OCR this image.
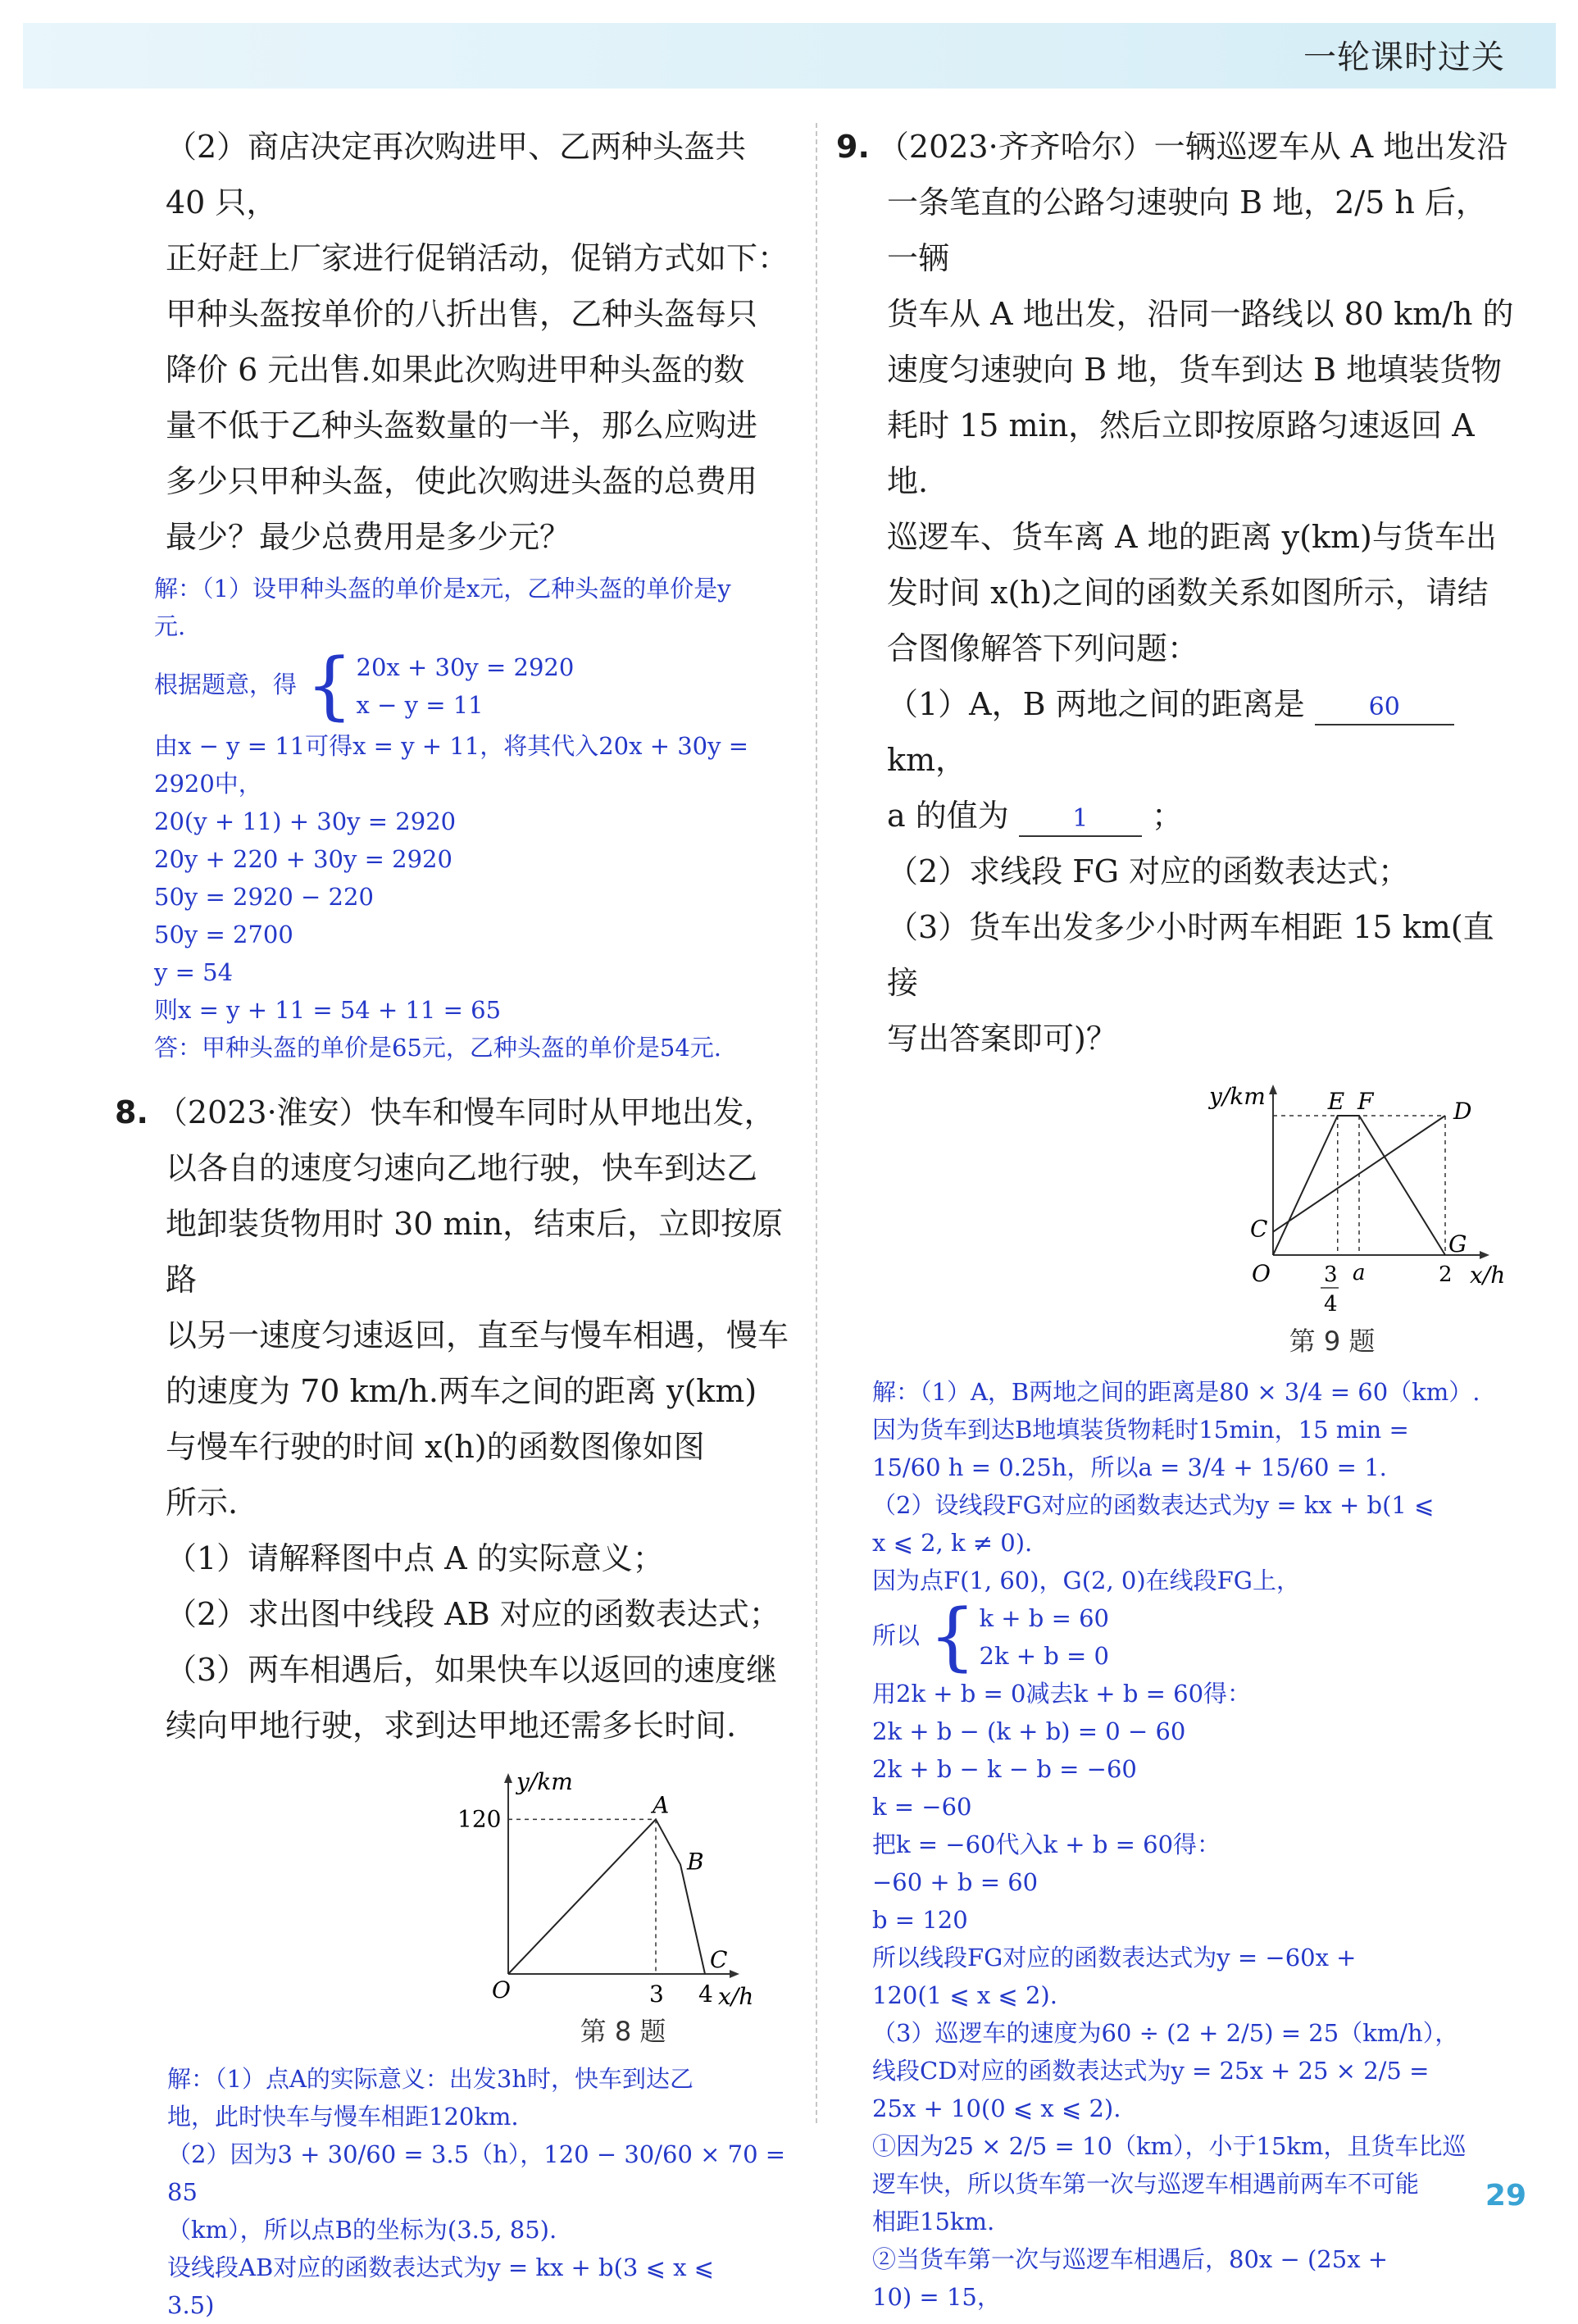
一轮课时过关

（2）商店决定再次购进甲、乙两种头盔共 40 只，

正好赶上厂家进行促销活动，促销方式如下：

甲种头盔按单价的八折出售，乙种头盔每只

降价 6 元出售.如果此次购进甲种头盔的数

量不低于乙种头盔数量的一半，那么应购进

多少只甲种头盔，使此次购进头盔的总费用

最少？最少总费用是多少元？

解：（1）设甲种头盔的单价是x元，乙种头盔的单价是y

元.

根据题意，得 { 20x + 30y = 2920
x − y = 11

由x − y = 11可得x = y + 11，将其代入20x + 30y =

2920中，

20(y + 11) + 30y = 2920

20y + 220 + 30y = 2920

50y = 2920 − 220

50y = 2700

y = 54

则x = y + 11 = 54 + 11 = 65

答：甲种头盔的单价是65元，乙种头盔的单价是54元.

8. （2023·淮安）快车和慢车同时从甲地出发，

以各自的速度匀速向乙地行驶，快车到达乙

地卸装货物用时 30 min，结束后，立即按原路

以另一速度匀速返回，直至与慢车相遇，慢车

的速度为 70 km/h.两车之间的距离 y(km)

与慢车行驶的时间 x(h)的函数图像如图

所示.

（1）请解释图中点 A 的实际意义；

（2）求出图中线段 AB 对应的函数表达式；

（3）两车相遇后，如果快车以返回的速度继

续向甲地行驶，求到达甲地还需多长时间.

y/km
x/h
O
120
3 4
A
B
C
第 8 题

解：（1）点A的实际意义：出发3h时，快车到达乙

地，此时快车与慢车相距120km.

（2）因为3 + 30/60 = 3.5（h），120 − 30/60 × 70 = 85

（km），所以点B的坐标为(3.5, 85).

设线段AB对应的函数表达式为y = kx + b(3 ⩽ x ⩽

3.5)

9. （2023·齐齐哈尔）一辆巡逻车从 A 地出发沿

一条笔直的公路匀速驶向 B 地，2/5 h 后，一辆

货车从 A 地出发，沿同一路线以 80 km/h 的

速度匀速驶向 B 地，货车到达 B 地填装货物

耗时 15 min，然后立即按原路匀速返回 A 地.

巡逻车、货车离 A 地的距离 y(km)与货车出

发时间 x(h)之间的函数关系如图所示，请结

合图像解答下列问题：

（1）A，B 两地之间的距离是	60 km，

a 的值为	1 ；

（2）求线段 FG 对应的函数表达式；

（3）货车出发多少小时两车相距 15 km(直接

写出答案即可)？

y/km
x/h
O	3
4
C
D
E F
G
a	2
第 9 题

解：（1）A，B两地之间的距离是80 × 3/4 = 60（km）.

因为货车到达B地填装货物耗时15min，15 min =

15/60 h = 0.25h，所以a = 3/4 + 15/60 = 1.

（2）设线段FG对应的函数表达式为y = kx + b(1 ⩽

x ⩽ 2, k ≠ 0).

因为点F(1, 60)，G(2, 0)在线段FG上，

所以 { k + b = 60
2k + b = 0

用2k + b = 0减去k + b = 60得：

2k + b − (k + b) = 0 − 60

2k + b − k − b = −60

k = −60

把k = −60代入k + b = 60得：

−60 + b = 60

b = 120

所以线段FG对应的函数表达式为y = −60x +

120(1 ⩽ x ⩽ 2).

（3）巡逻车的速度为60 ÷ (2 + 2/5) = 25（km/h），

线段CD对应的函数表达式为y = 25x + 25 × 2/5 =

25x + 10(0 ⩽ x ⩽ 2).

①因为25 × 2/5 = 10（km），小于15km，且货车比巡

逻车快，所以货车第一次与巡逻车相遇前两车不可能

相距15km.

②当货车第一次与巡逻车相遇后，80x − (25x +

10) = 15，

29
